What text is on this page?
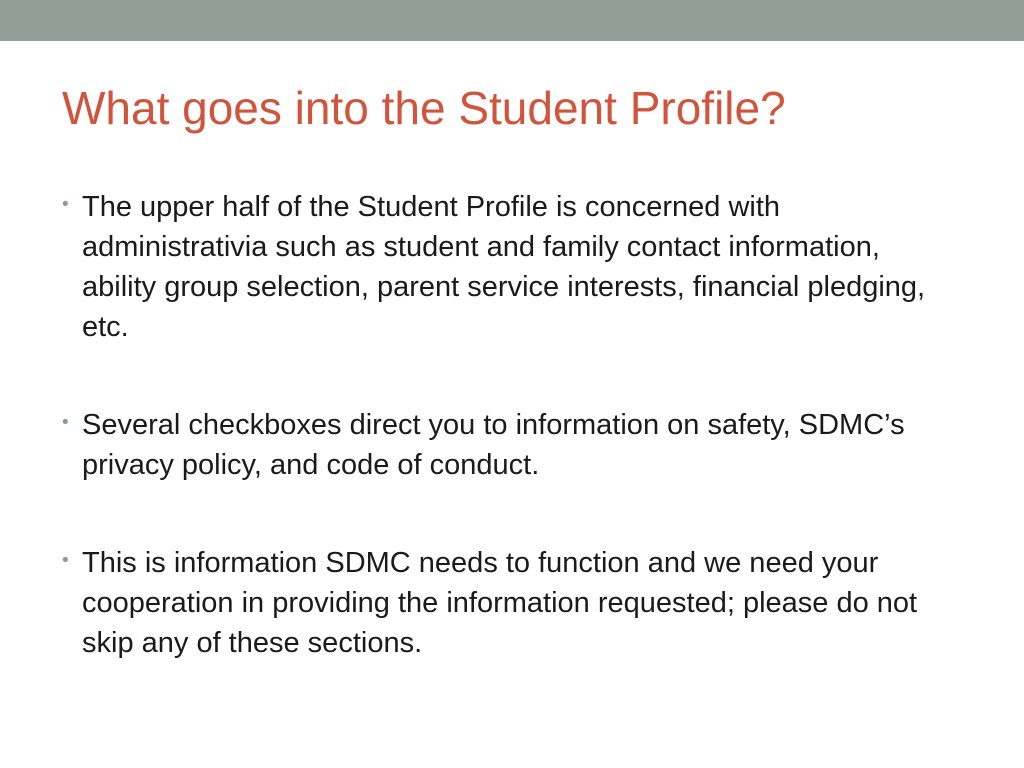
What goes into the Student Profile?
• The upper half of the Student Profile is concerned with administrativia such as student and family contact information, ability group selection, parent service interests, financial pledging, etc.
• Several checkboxes direct you to information on safety, SDMC’s privacy policy, and code of conduct.
• This is information SDMC needs to function and we need your cooperation in providing the information requested; please do not skip any of these sections.
